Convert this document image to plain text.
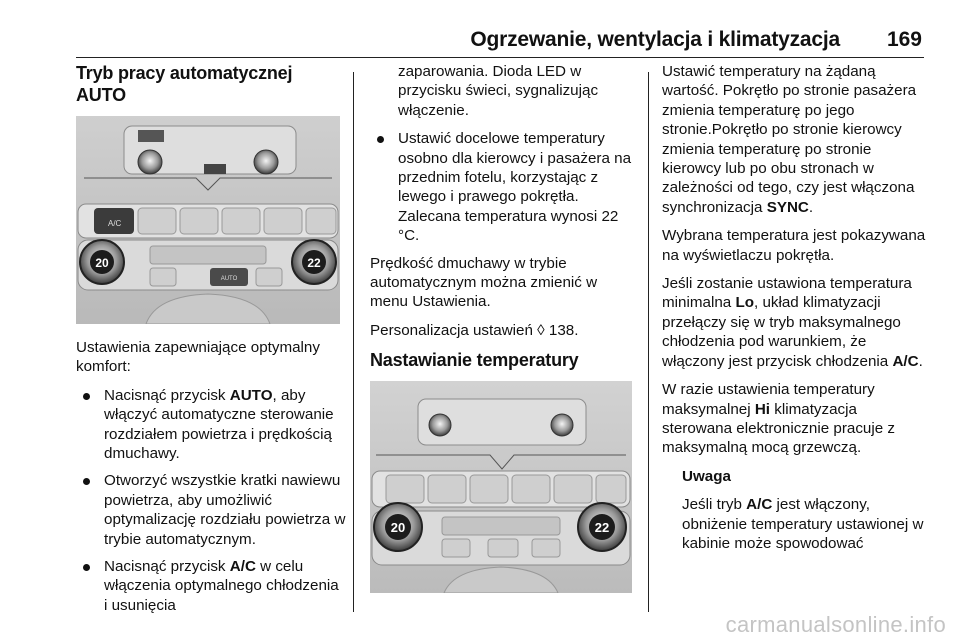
Ogrzewanie, wentylacja i klimatyzacja 169
Tryb pracy automatycznej AUTO
A/C
20	22
AUTO

Ustawienia zapewniające optymalny komfort:

Nacisnąć przycisk AUTO, aby włączyć automatyczne sterowanie rozdziałem powietrza i prędkością dmuchawy.
Otworzyć wszystkie kratki nawiewu powietrza, aby umożliwić optymalizację rozdziału powietrza w trybie automatycznym.
Nacisnąć przycisk A/C w celu włączenia optymalnego chłodzenia i usunięcia

zaparowania. Dioda LED w przycisku świeci, sygnalizując włączenie.

Ustawić docelowe temperatury osobno dla kierowcy i pasażera na przednim fotelu, korzystając z lewego i prawego pokrętła. Zalecana temperatura wynosi 22 °C.

Prędkość dmuchawy w trybie automatycznym można zmienić w menu Ustawienia.

Personalizacja ustawień ◊ 138.

Nastawianie temperatury
20	22

Ustawić temperatury na żądaną wartość. Pokrętło po stronie pasażera zmienia temperaturę po jego stronie.Pokrętło po stronie kierowcy zmienia temperaturę po stronie kierowcy lub po obu stronach w zależności od tego, czy jest włączona synchronizacja SYNC.

Wybrana temperatura jest pokazywana na wyświetlaczu pokrętła.

Jeśli zostanie ustawiona temperatura minimalna Lo, układ klimatyzacji przełączy się w tryb maksymalnego chłodzenia pod warunkiem, że włączony jest przycisk chłodzenia A/C.

W razie ustawienia temperatury maksymalnej Hi klimatyzacja sterowana elektronicznie pracuje z maksymalną mocą grzewczą.

Uwaga

Jeśli tryb A/C jest włączony, obniżenie temperatury ustawionej w kabinie może spowodować

carmanualsonline.info
